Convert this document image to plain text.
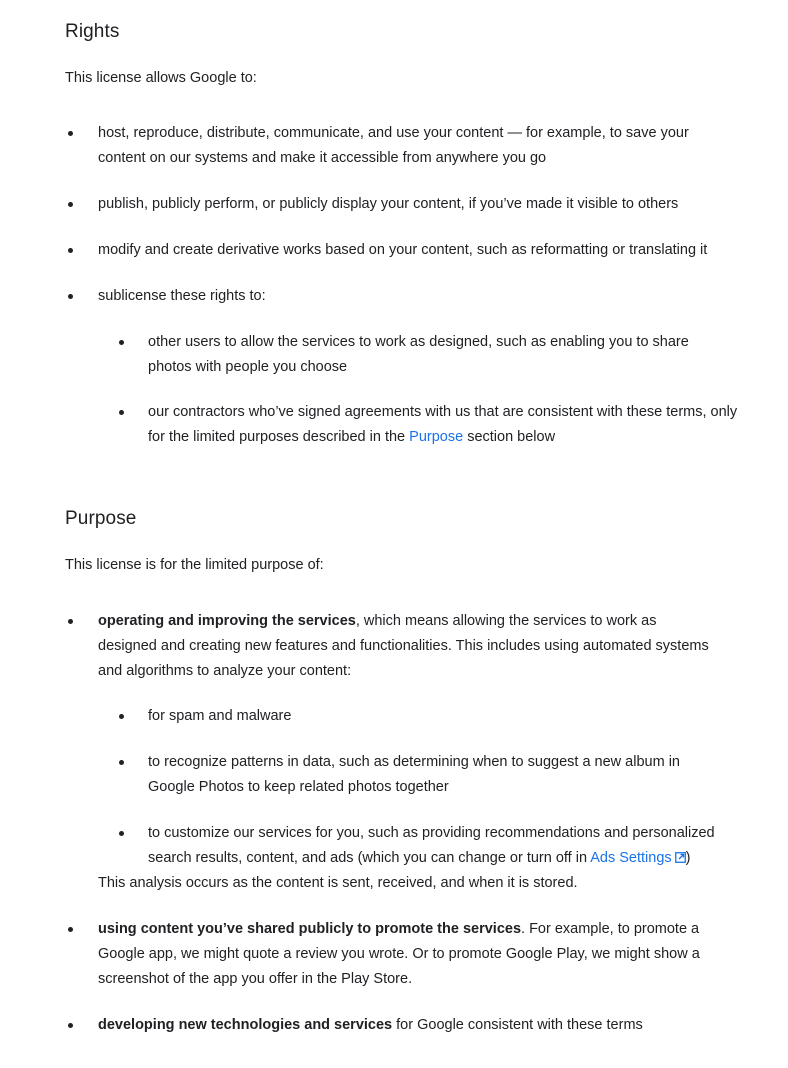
Rights

This license allows Google to:

host, reproduce, distribute, communicate, and use your content — for example, to save your content on our systems and make it accessible from anywhere you go
publish, publicly perform, or publicly display your content, if you’ve made it visible to others
modify and create derivative works based on your content, such as reformatting or translating it
sublicense these rights to:
other users to allow the services to work as designed, such as enabling you to share photos with people you choose
our contractors who’ve signed agreements with us that are consistent with these terms, only for the limited purposes described in the Purpose section below
Purpose

This license is for the limited purpose of:

operating and improving the services, which means allowing the services to work as designed and creating new features and functionalities. This includes using automated systems and algorithms to analyze your content:
for spam and malware
to recognize patterns in data, such as determining when to suggest a new album in Google Photos to keep related photos together
to customize our services for you, such as providing recommendations and personalized search results, content, and ads (which you can change or turn off in Ads Settings )

This analysis occurs as the content is sent, received, and when it is stored.

using content you’ve shared publicly to promote the services. For example, to promote a Google app, we might quote a review you wrote. Or to promote Google Play, we might show a screenshot of the app you offer in the Play Store.
developing new technologies and services for Google consistent with these terms
